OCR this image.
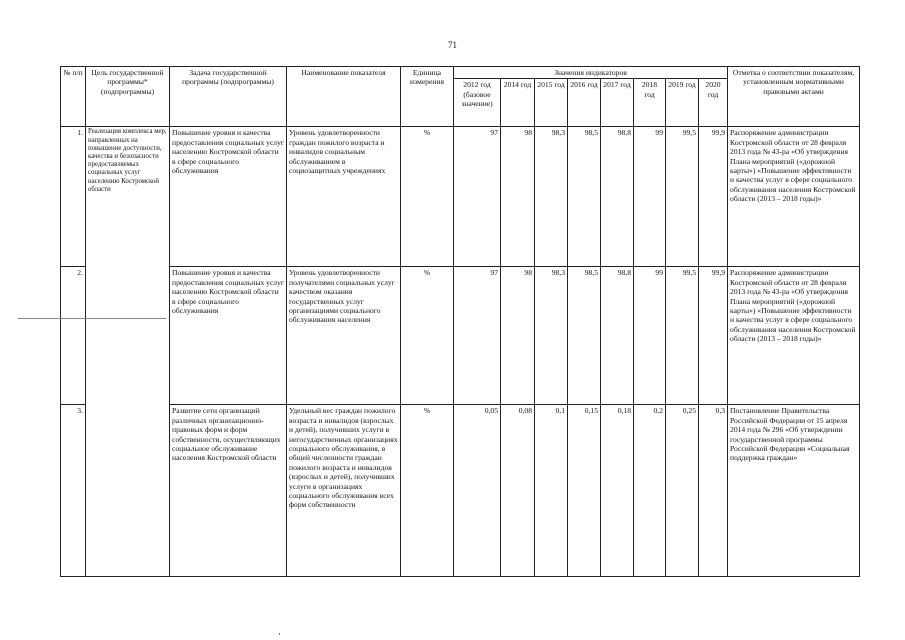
71
№ п/п	Цель государственной программы* (подпрограммы)	Задача государственной программы (подпрограммы)	Наименование показателя	Единица измерения	Значения индикаторов								Отметка о соответствии показателям, установленным нормативными правовыми актами
					2012 год (базовое значение)	2014 год	2015 год	2016 год	2017 год	2018 год	2019 год	2020 год	
1.	Реализация комплекса мер, направленных на повышение доступности, качества и безопасности предоставляемых социальных услуг населению Костромской области	Повышение уровня и качества предоставления социальных услуг населению Костромской области в сфере социального обслуживания	Уровень удовлетворенности граждан пожилого возраста и инвалидов социальным обслуживанием в социозащитных учреждениях	%	97	98	98,3	98,5	98,8	99	99,5	99,9	Распоряжение администрации Костромской области от 28 февраля 2013 года № 43-ра «Об утверждения Плана мероприятий («дорожной карты») «Повышение эффективности и качества услуг в сфере социального обслуживания населения Костромской области (2013 – 2018 годы)»
2.		Повышение уровня и качества предоставления социальных услуг населению Костромской области в сфере социального обслуживания	Уровень удовлетворенности получателями социальных услуг качеством оказания государственных услуг организациями социального обслуживания населения	%	97	98	98,3	98,5	98,8	99	99,5	99,9	Распоряжение администрации Костромской области от 28 февраля 2013 года № 43-ра «Об утверждения Плана мероприятий («дорожной карты») «Повышение эффективности и качества услуг в сфере социального обслуживания населения Костромской области (2013 – 2018 годы)»
3.		Развитие сети организаций различных организационно-правовых форм и форм собственности, осуществляющих социальное обслуживание населения Костромской области	Удельный вес граждан пожилого возраста и инвалидов (взрослых и детей), получивших услуги в негосударственных организациях социального обслуживания, в общей численности граждан пожилого возраста и инвалидов (взрослых и детей), получивших услуги в организациях социального обслуживания всех форм собственности	%	0,05	0,08	0,1	0,15	0,18	0,2	0,25	0,3	Постановление Правительства Российской Федерации от 15 апреля 2014 года № 296 «Об утверждении государственной программы Российской Федерации «Социальная поддержка граждан»
